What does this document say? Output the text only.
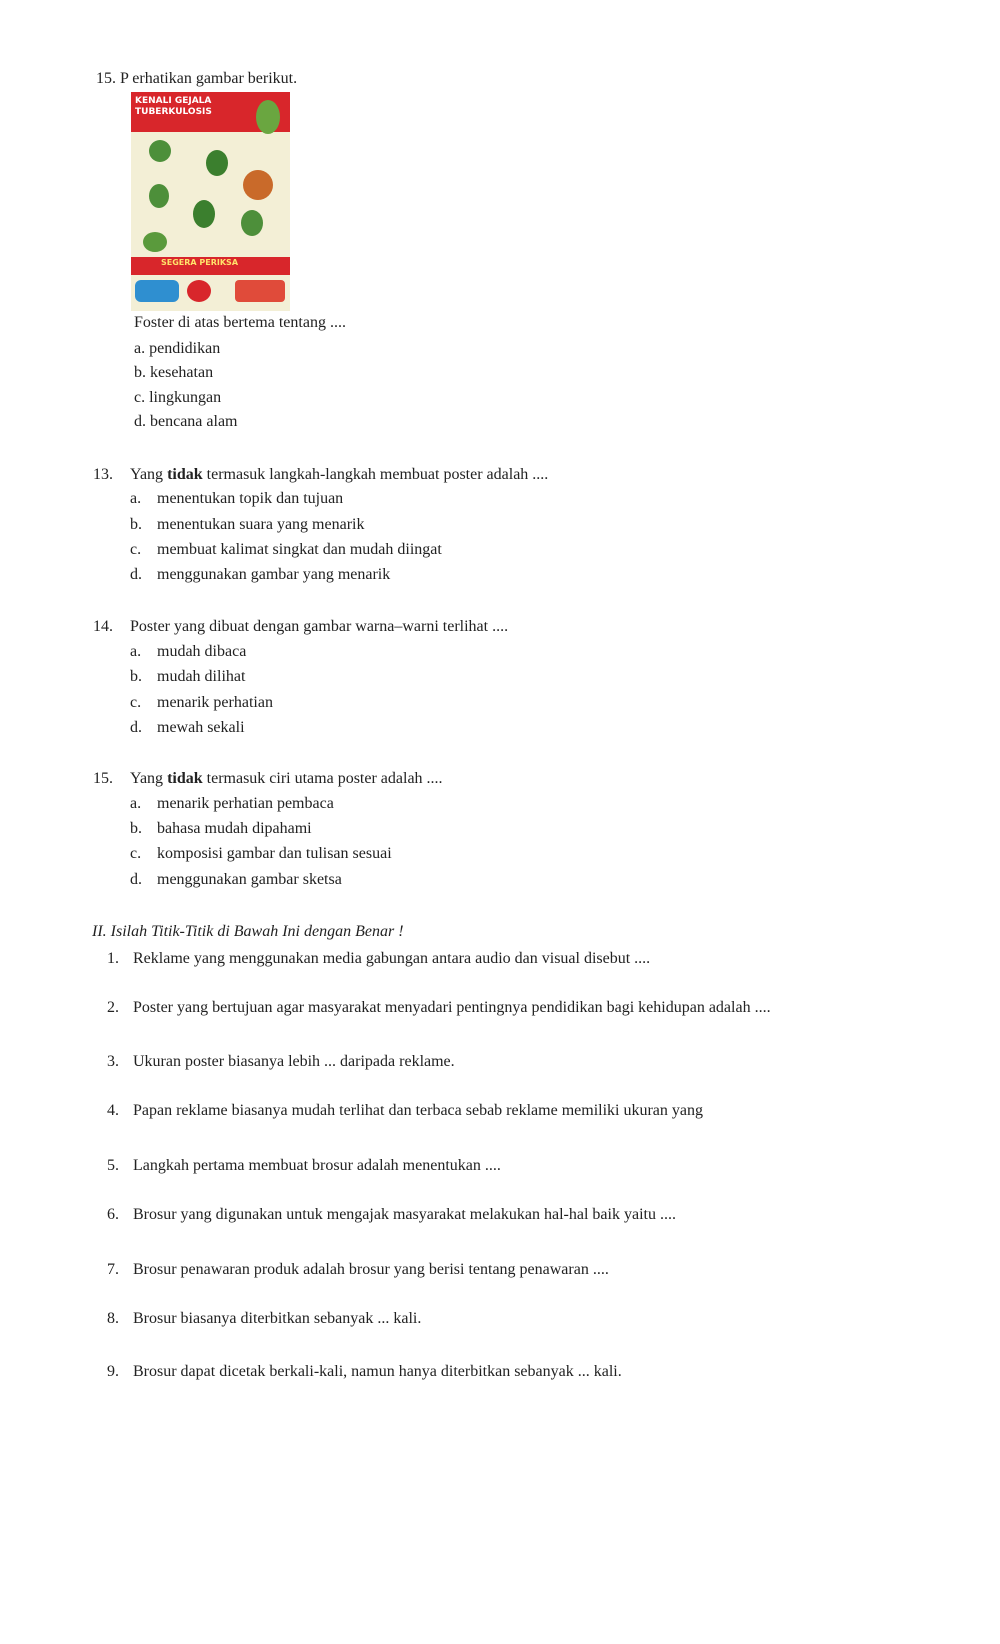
15. P erhatikan gambar berikut.
KENALI GEJALA
TUBERKULOSIS
SEGERA PERIKSA
Foster di atas bertema tentang ....
a. pendidikan
b. kesehatan
c. lingkungan
d. bencana alam
13. Yang tidak termasuk langkah-langkah membuat poster adalah ....
a. menentukan topik dan tujuan
b. menentukan suara yang menarik
c. membuat kalimat singkat dan mudah diingat
d. menggunakan gambar yang menarik
14. Poster yang dibuat dengan gambar warna–warni terlihat ....
a. mudah dibaca
b. mudah dilihat
c. menarik perhatian
d. mewah sekali
15. Yang tidak termasuk ciri utama poster adalah ....
a. menarik perhatian pembaca
b. bahasa mudah dipahami
c. komposisi gambar dan tulisan sesuai
d. menggunakan gambar sketsa
II. Isilah Titik-Titik di Bawah Ini dengan Benar !
1. Reklame yang menggunakan media gabungan antara audio dan visual disebut ....
2. Poster yang bertujuan agar masyarakat menyadari pentingnya pendidikan bagi kehidupan adalah ....
3. Ukuran poster biasanya lebih ... daripada reklame.
4. Papan reklame biasanya mudah terlihat dan terbaca sebab reklame memiliki ukuran yang
5. Langkah pertama membuat brosur adalah menentukan ....
6. Brosur yang digunakan untuk mengajak masyarakat melakukan hal-hal baik yaitu ....
7. Brosur penawaran produk adalah brosur yang berisi tentang penawaran ....
8. Brosur biasanya diterbitkan sebanyak ... kali.
9. Brosur dapat dicetak berkali-kali, namun hanya diterbitkan sebanyak ... kali.
